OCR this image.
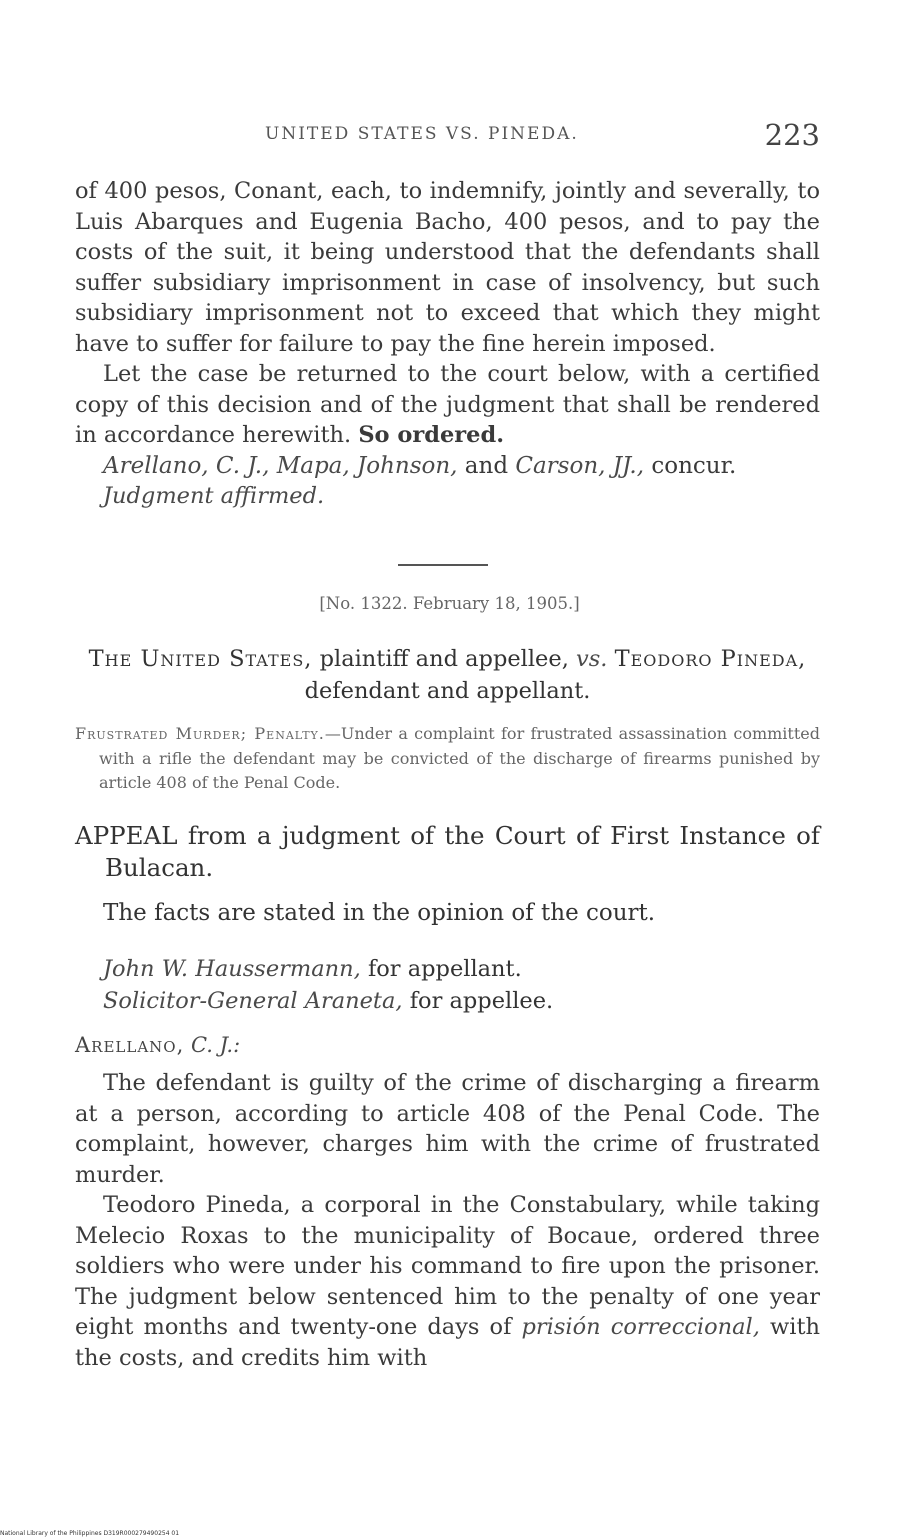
UNITED STATES VS. PINEDA.	223

of 400 pesos, Conant, each, to indemnify, jointly and severally, to Luis Abarques and Eugenia Bacho, 400 pesos, and to pay the costs of the suit, it being understood that the defendants shall suffer subsidiary imprisonment in case of insolvency, but such subsidiary imprisonment not to exceed that which they might have to suffer for failure to pay the fine herein imposed.

Let the case be returned to the court below, with a certified copy of this decision and of the judgment that shall be rendered in accordance herewith. So ordered.

Arellano, C. J., Mapa, Johnson, and Carson, JJ., concur.

Judgment affirmed.

[No. 1322. February 18, 1905.]
The United States, plaintiff and appellee, vs. Teodoro Pineda, defendant and appellant.
Frustrated Murder; Penalty.—Under a complaint for frustrated assassination committed with a rifle the defendant may be convicted of the discharge of firearms punished by article 408 of the Penal Code.
APPEAL from a judgment of the Court of First Instance of Bulacan.
The facts are stated in the opinion of the court.
John W. Haussermann, for appellant.
Solicitor-General Araneta, for appellee.
Arellano, C. J.:

The defendant is guilty of the crime of discharging a firearm at a person, according to article 408 of the Penal Code. The complaint, however, charges him with the crime of frustrated murder.

Teodoro Pineda, a corporal in the Constabulary, while taking Melecio Roxas to the municipality of Bocaue, ordered three soldiers who were under his command to fire upon the prisoner. The judgment below sentenced him to the penalty of one year eight months and twenty-one days of prisión correccional, with the costs, and credits him with

National Library of the Philippines D319R000279490254 01
